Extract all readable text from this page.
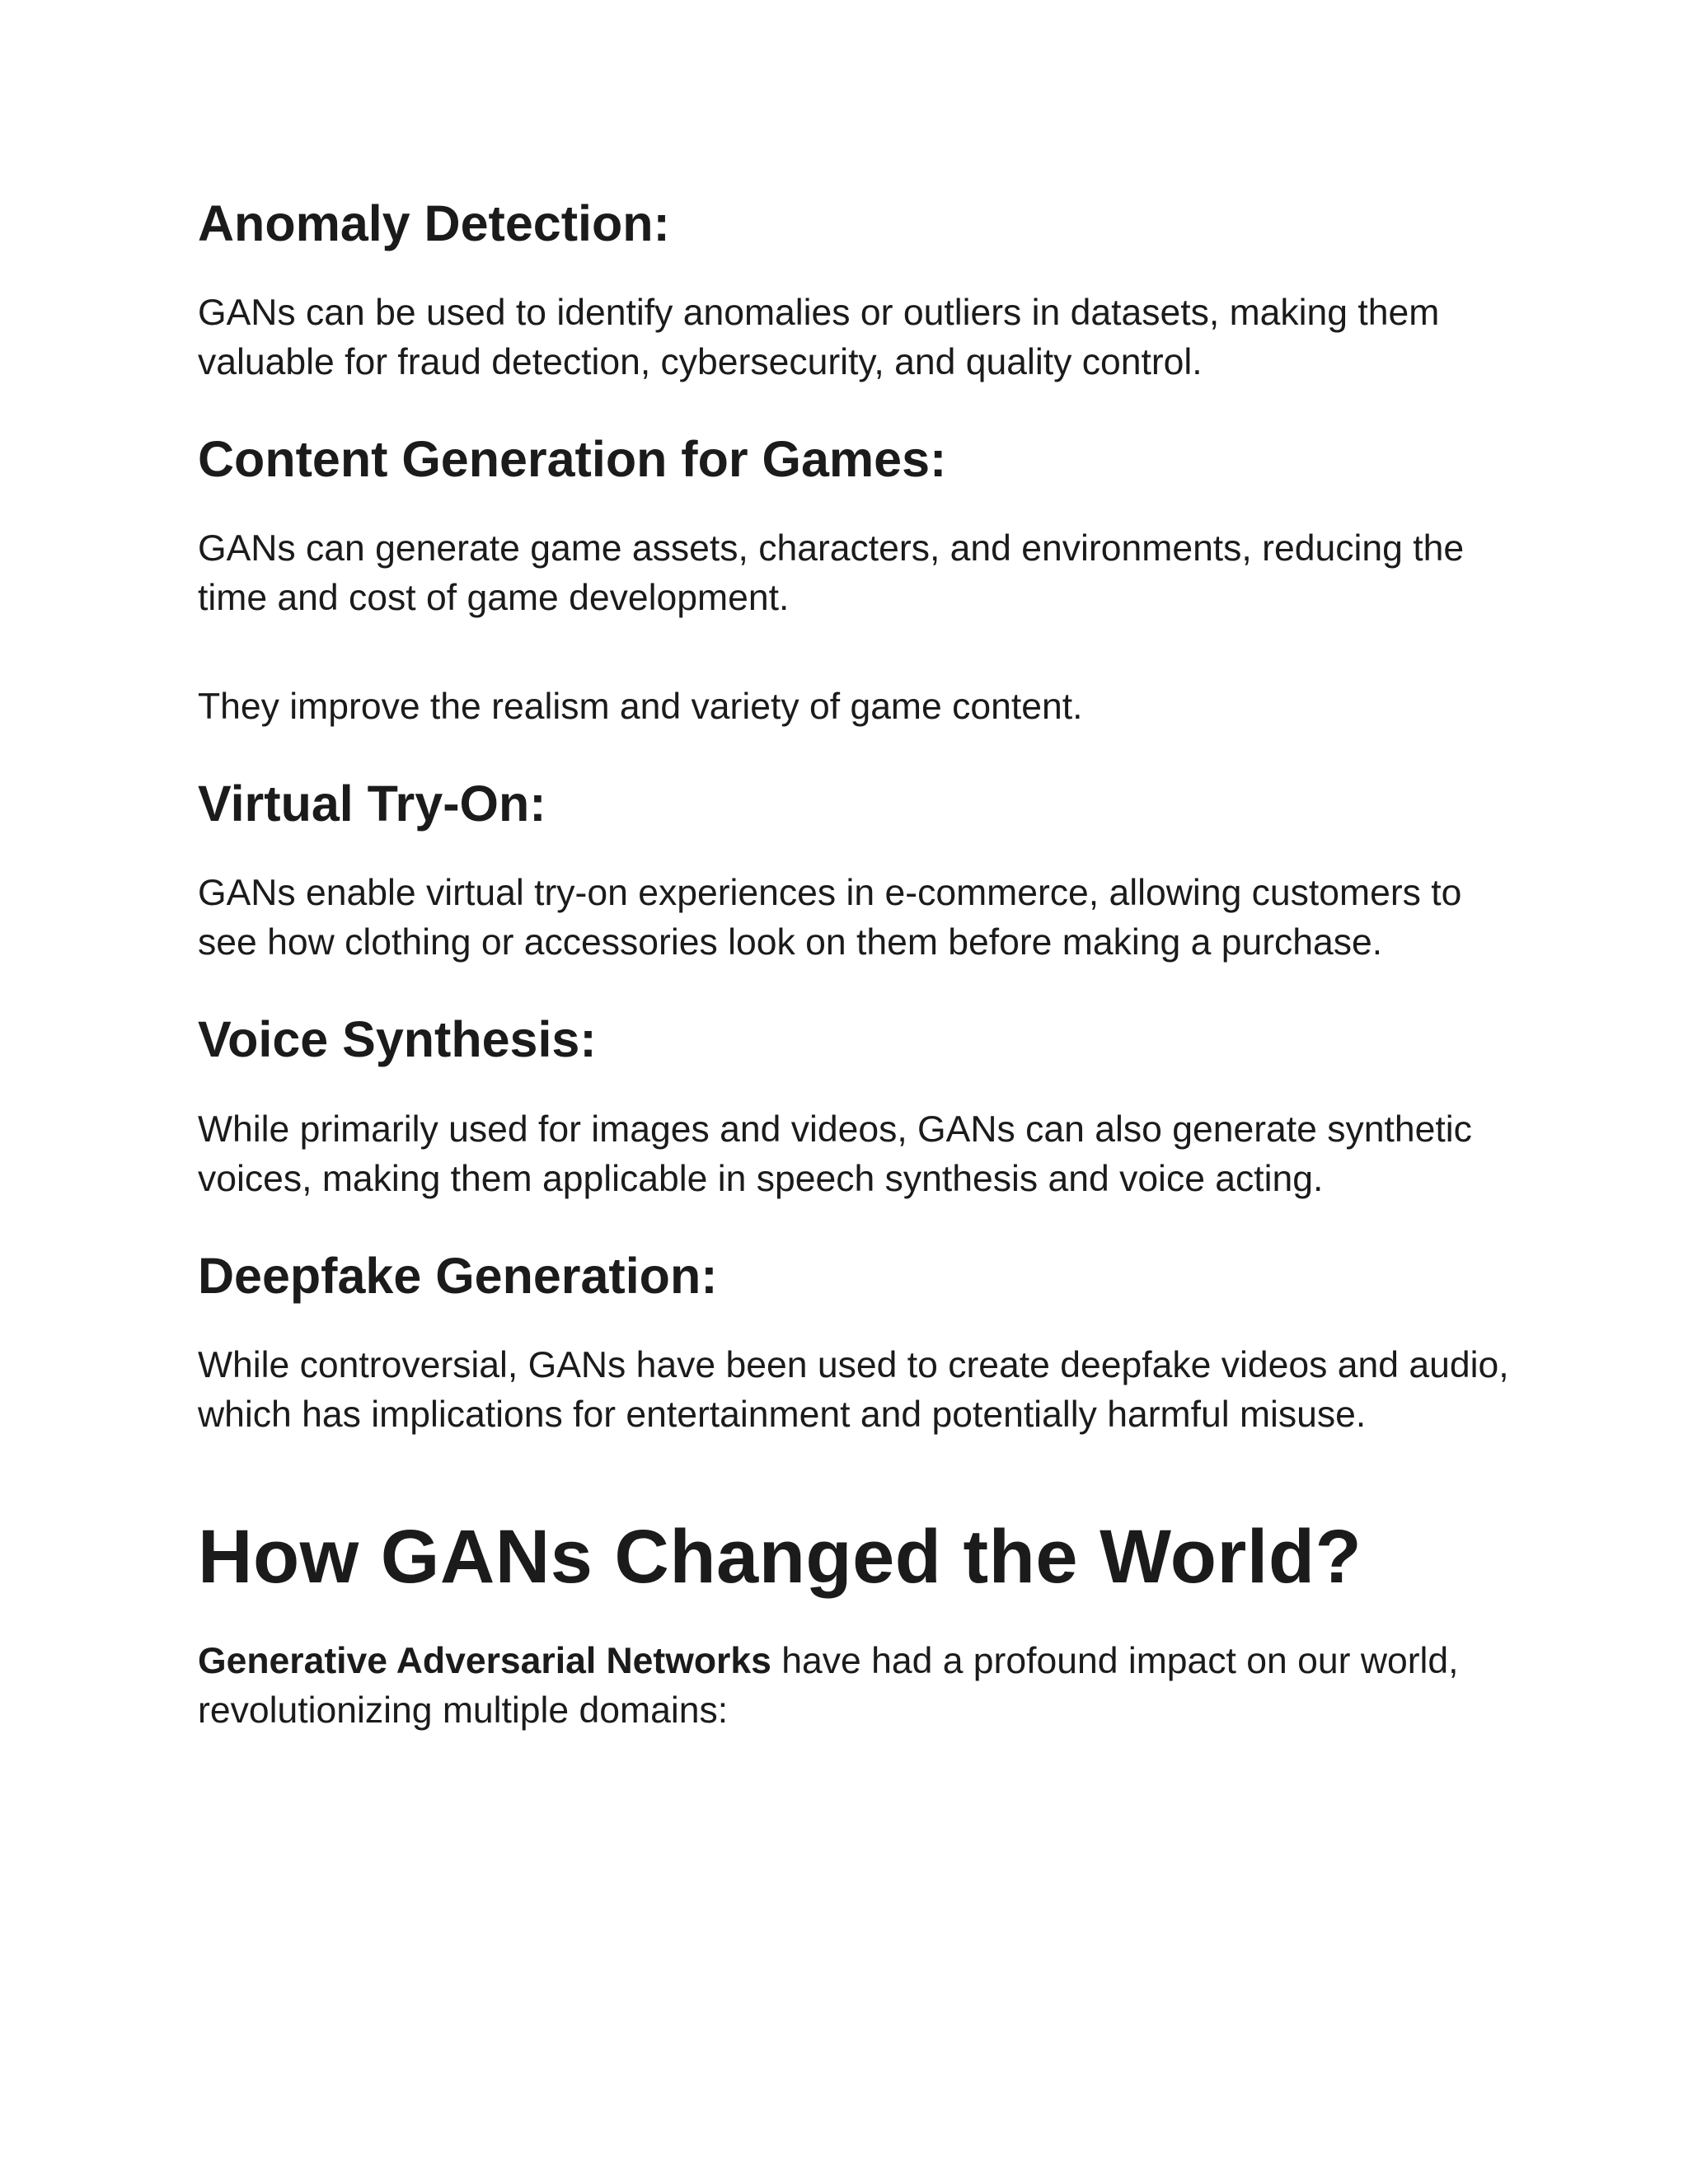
Anomaly Detection:

GANs can be used to identify anomalies or outliers in datasets, making them valuable for fraud detection, cybersecurity, and quality control.

Content Generation for Games:

GANs can generate game assets, characters, and environments, reducing the time and cost of game development.

They improve the realism and variety of game content.

Virtual Try-On:

GANs enable virtual try-on experiences in e-commerce, allowing customers to see how clothing or accessories look on them before making a purchase.

Voice Synthesis:

While primarily used for images and videos, GANs can also generate synthetic voices, making them applicable in speech synthesis and voice acting.

Deepfake Generation:

While controversial, GANs have been used to create deepfake videos and audio, which has implications for entertainment and potentially harmful misuse.

How GANs Changed the World?

Generative Adversarial Networks have had a profound impact on our world, revolutionizing multiple domains:
